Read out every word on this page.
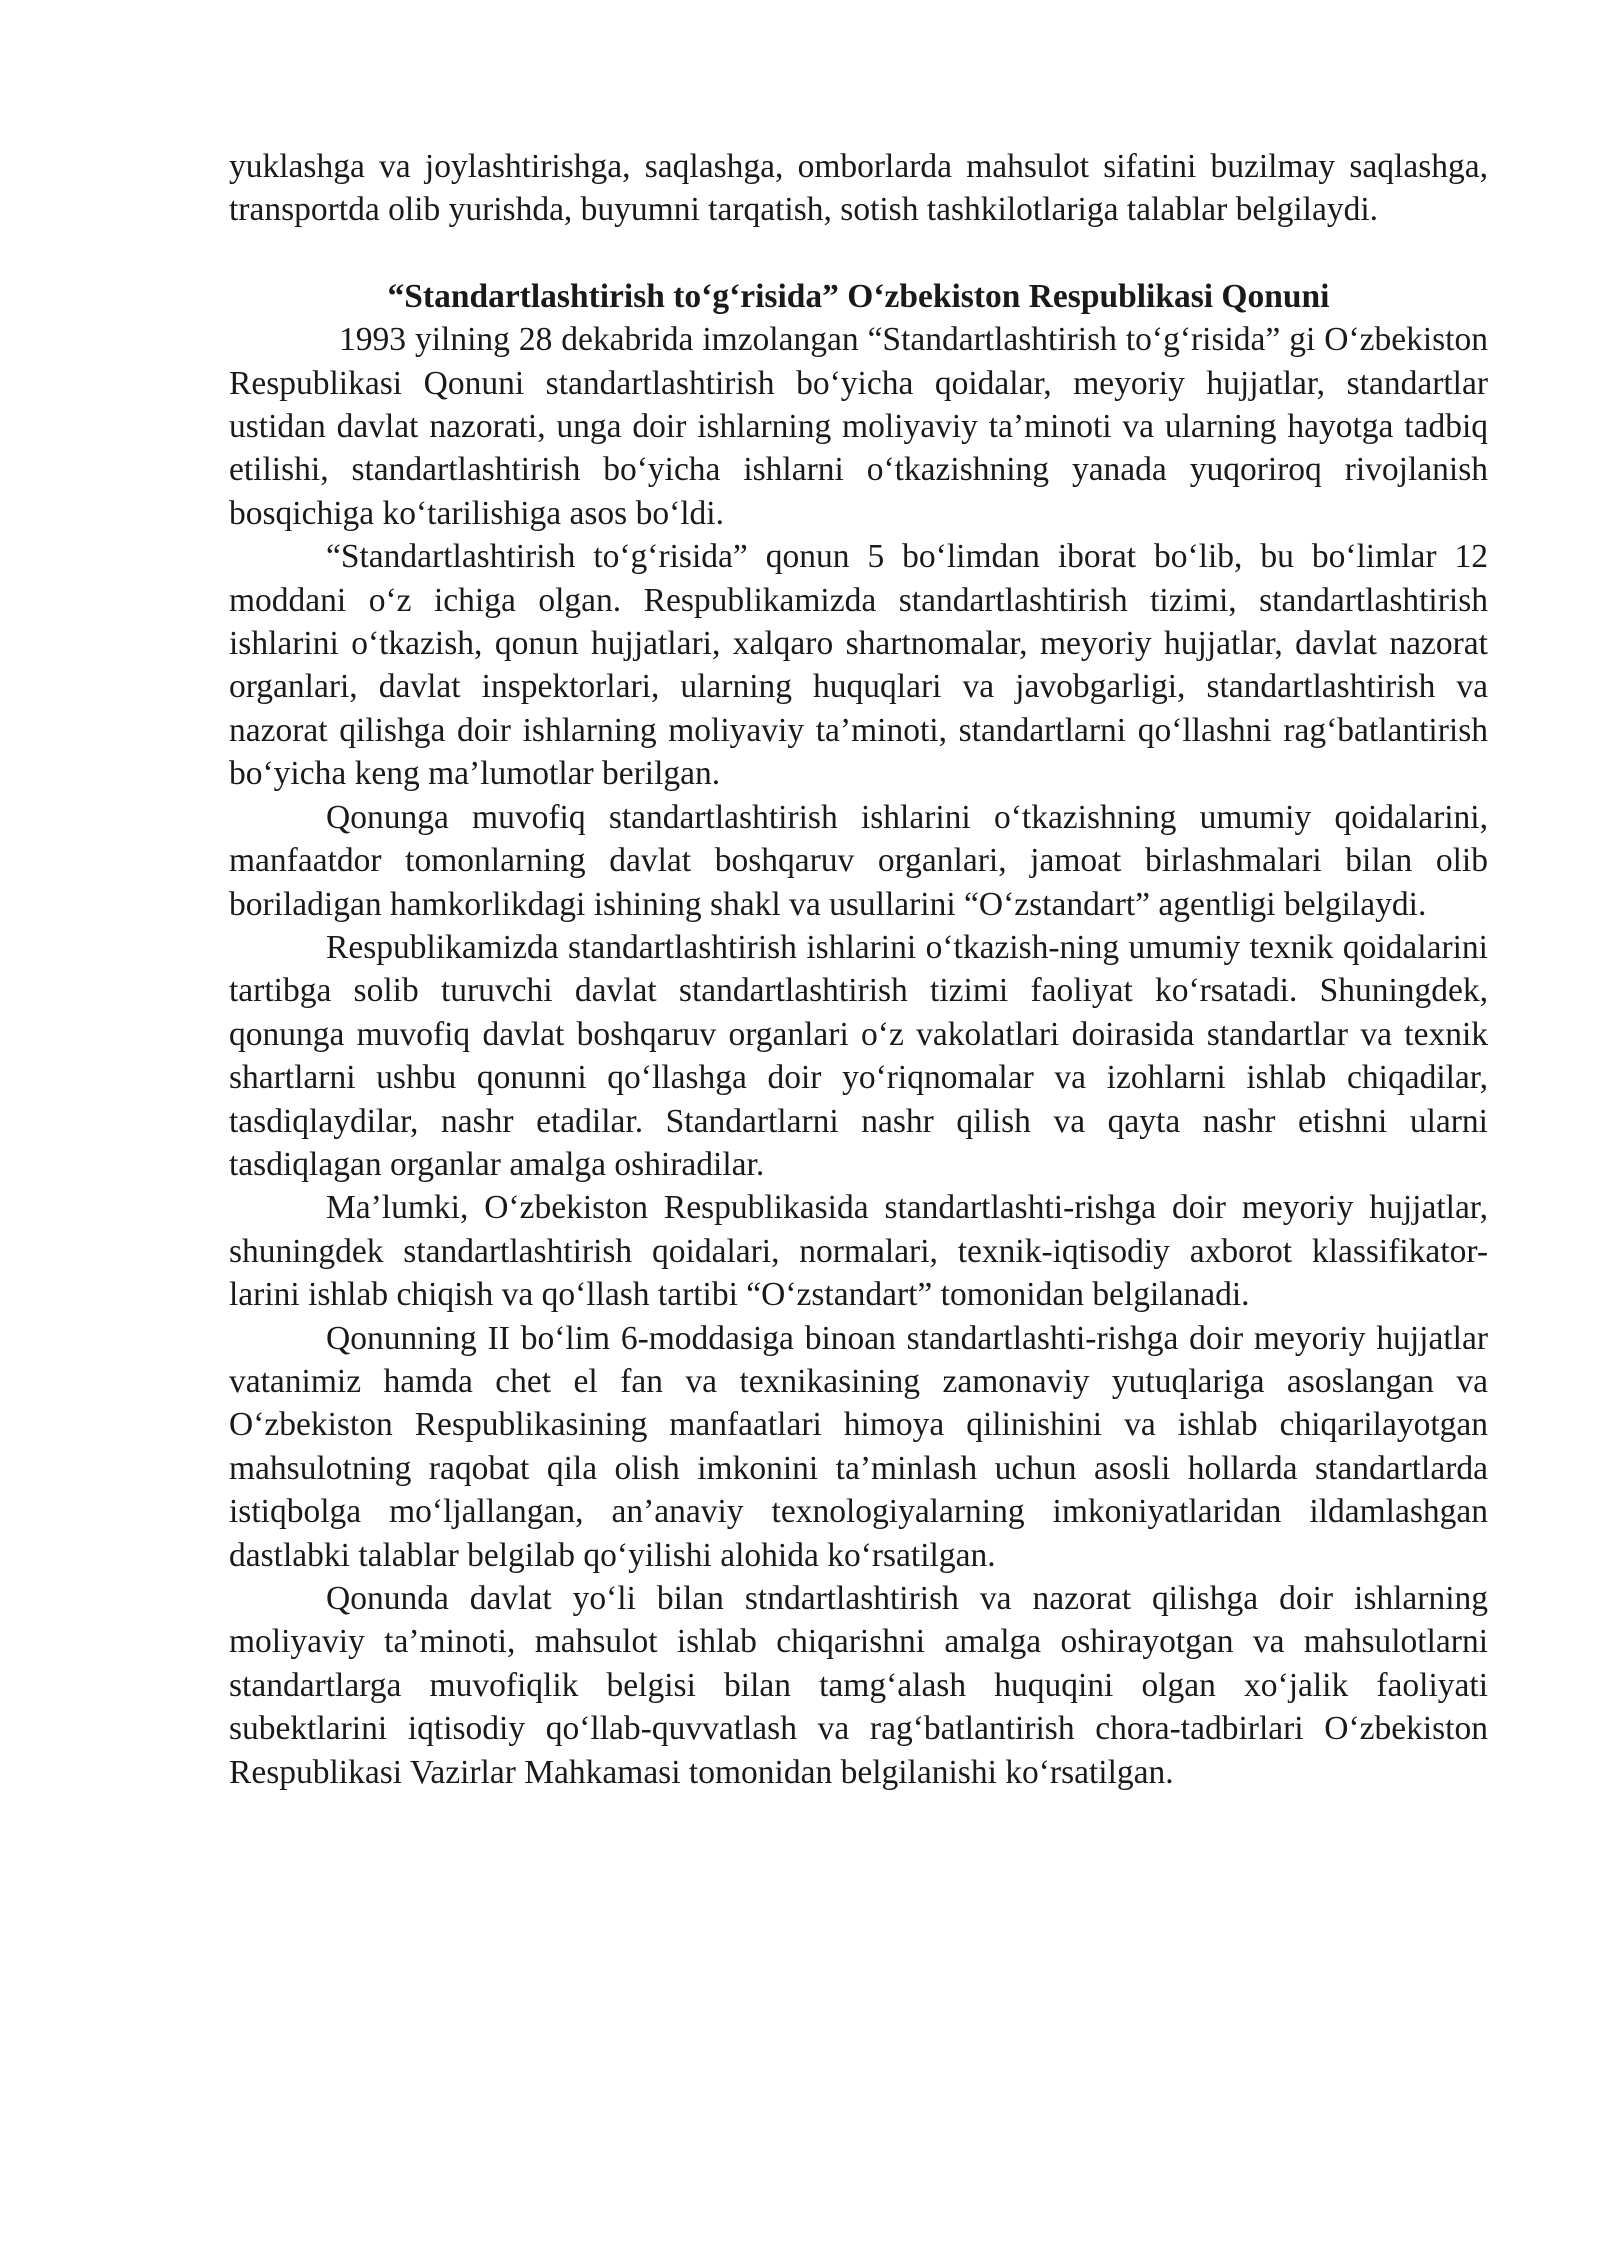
yuklashga va joylashtirishga, saqlashga, omborlarda mahsulot sifatini buzilmay saqlashga, transportda olib yurishda, buyumni tarqatish, sotish tashkilotlariga talablar belgilaydi.

“Standartlashtirish to‘g‘risida” O‘zbekiston Respublikasi Qonuni

1993 yilning 28 dekabrida imzolangan “Standartlashtirish to‘g‘risida” gi O‘zbekiston Respublikasi Qonuni standartlashtirish bo‘yicha qoidalar, meyoriy hujjatlar, standartlar ustidan davlat nazorati, unga doir ishlarning moliyaviy ta’minoti va ularning hayotga tadbiq etilishi, standartlashtirish bo‘yicha ishlarni o‘tkazishning yanada yuqoriroq rivojlanish bosqichiga ko‘tarilishiga asos bo‘ldi.

“Standartlashtirish to‘g‘risida” qonun 5 bo‘limdan iborat bo‘lib, bu bo‘limlar 12 moddani o‘z ichiga olgan. Respublikamizda standartlashtirish tizimi, standartlashtirish ishlarini o‘tkazish, qonun hujjatlari, xalqaro shartnomalar, meyoriy hujjatlar, davlat nazorat organlari, davlat inspektorlari, ularning huquqlari va javobgarligi, standartlashtirish va nazorat qilishga doir ishlarning moliyaviy ta’minoti, standartlarni qo‘llashni rag‘batlantirish bo‘yicha keng ma’lumotlar berilgan.

Qonunga muvofiq standartlashtirish ishlarini o‘tkazishning umumiy qoidalarini, manfaatdor tomonlarning davlat boshqaruv organlari, jamoat birlashmalari bilan olib boriladigan hamkorlikdagi ishining shakl va usullarini “O‘zstandart” agentligi belgilaydi.

Respublikamizda standartlashtirish ishlarini o‘tkazish-ning umumiy texnik qoidalarini tartibga solib turuvchi davlat standartlashtirish tizimi faoliyat ko‘rsatadi. Shuningdek, qonunga muvofiq davlat boshqaruv organlari o‘z vakolatlari doirasida standartlar va texnik shartlarni ushbu qonunni qo‘llashga doir yo‘riqnomalar va izohlarni ishlab chiqadilar, tasdiqlaydilar, nashr etadilar. Standartlarni nashr qilish va qayta nashr etishni ularni tasdiqlagan organlar amalga oshiradilar.

Ma’lumki, O‘zbekiston Respublikasida standartlashti-rishga doir meyoriy hujjatlar, shuningdek standartlashtirish qoidalari, normalari, texnik-iqtisodiy axborot klassifikator-larini ishlab chiqish va qo‘llash tartibi “O‘zstandart” tomonidan belgilanadi.

Qonunning II bo‘lim 6-moddasiga binoan standartlashti-rishga doir meyoriy hujjatlar vatanimiz hamda chet el fan va texnikasining zamonaviy yutuqlariga asoslangan va O‘zbekiston Respublikasining manfaatlari himoya qilinishini va ishlab chiqarilayotgan mahsulotning raqobat qila olish imkonini ta’minlash uchun asosli hollarda standartlarda istiqbolga mo‘ljallangan, an’anaviy texnologiyalarning imkoniyatlaridan ildamlashgan dastlabki talablar belgilab qo‘yilishi alohida ko‘rsatilgan.

Qonunda davlat yo‘li bilan stndartlashtirish va nazorat qilishga doir ishlarning moliyaviy ta’minoti, mahsulot ishlab chiqarishni amalga oshirayotgan va mahsulotlarni standartlarga muvofiqlik belgisi bilan tamg‘alash huquqini olgan xo‘jalik faoliyati subektlarini iqtisodiy qo‘llab-quvvatlash va rag‘batlantirish chora-tadbirlari O‘zbekiston Respublikasi Vazirlar Mahkamasi tomonidan belgilanishi ko‘rsatilgan.
